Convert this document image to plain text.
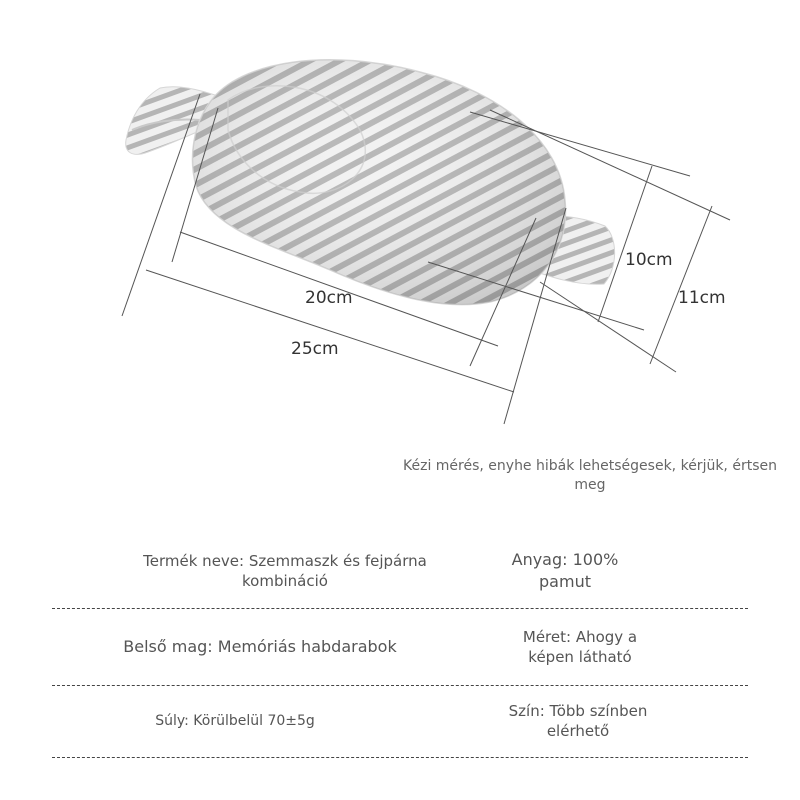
20cm
25cm
10cm
11cm
Kézi mérés, enyhe hibák lehetségesek, kérjük, értsen meg
Termék neve: Szemmaszk és fejpárna kombináció
Anyag: 100% pamut
Belső mag: Memóriás habdarabok	Méret: Ahogy a képen látható
Súly: Körülbelül 70±5g
Szín: Több színben elérhető
